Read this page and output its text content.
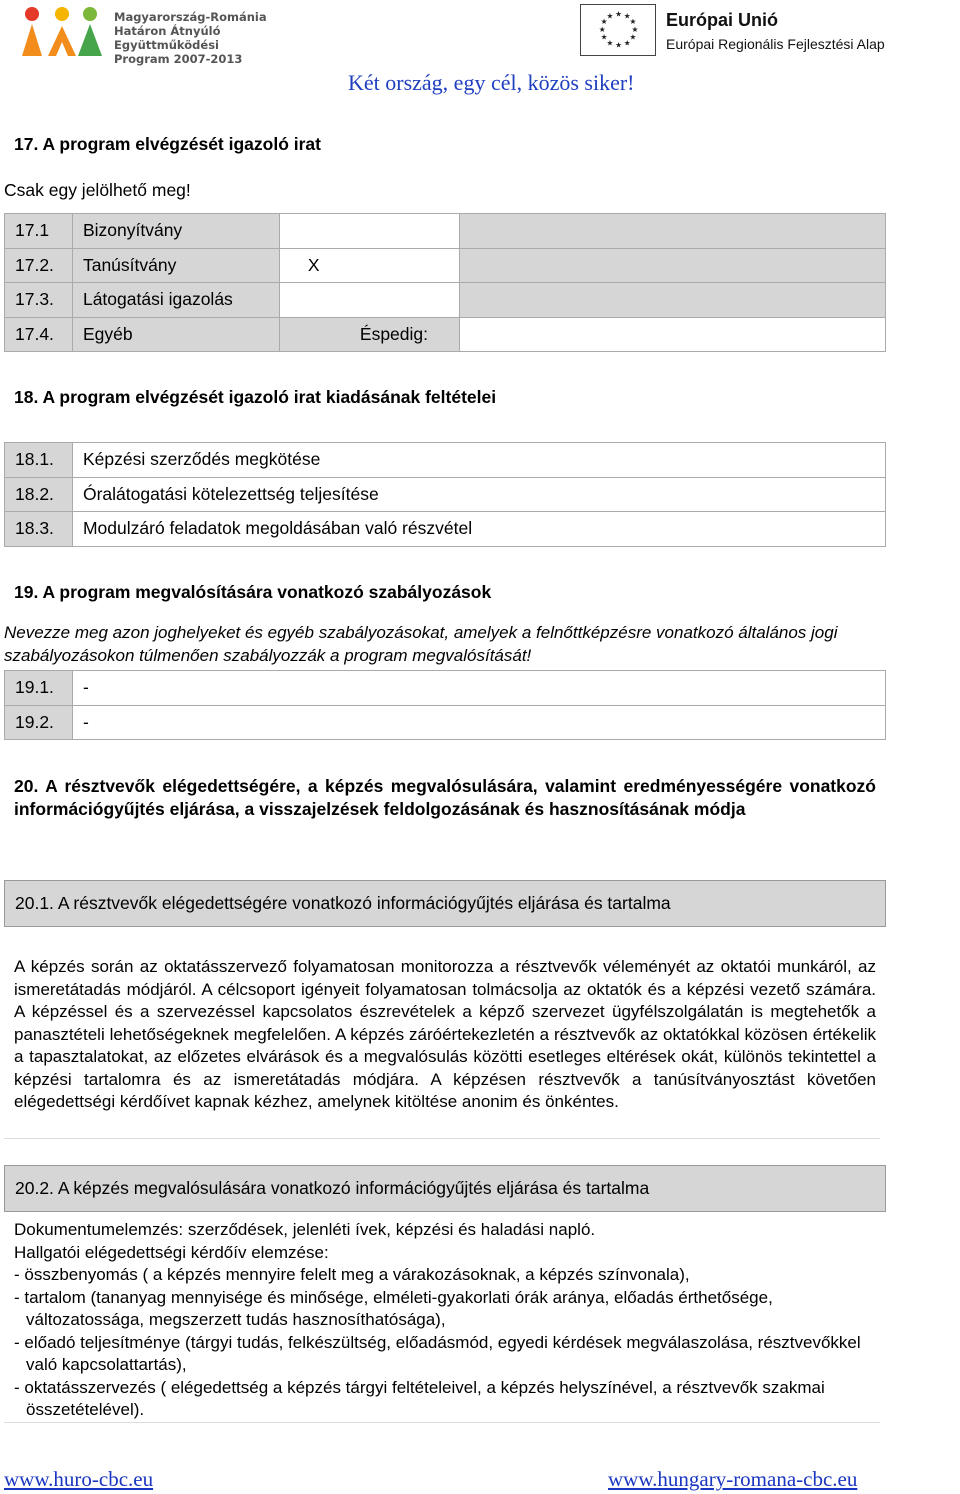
Magyarország-Románia
Határon Átnyúló Együttműködési
Program 2007-2013
★ ★
★
★
★
★
★
★
★
★
★
★	Európai Unió
Európai Regionális Fejlesztési Alap
Két ország, egy cél, közös siker!
17. A program elvégzését igazoló irat
Csak egy jelölhető meg!
17.1	Bizonyítvány		
17.2.	Tanúsítvány	X	
17.3.	Látogatási igazolás		
17.4.	Egyéb	Éspedig:	
18. A program elvégzését igazoló irat kiadásának feltételei
18.1.	Képzési szerződés megkötése
18.2.	Óralátogatási kötelezettség teljesítése
18.3.	Modulzáró feladatok megoldásában való részvétel
19. A program megvalósítására vonatkozó szabályozások
Nevezze meg azon joghelyeket és egyéb szabályozásokat, amelyek a felnőttképzésre vonatkozó általános jogi
szabályozásokon túlmenően szabályozzák a program megvalósítását!
19.1.	-
19.2.	-
20. A résztvevők elégedettségére, a képzés megvalósulására, valamint eredményességére vonatkozó információgyűjtés eljárása, a visszajelzések feldolgozásának és hasznosításának módja
20.1. A résztvevők elégedettségére vonatkozó információgyűjtés eljárása és tartalma
A képzés során az oktatásszervező folyamatosan monitorozza a résztvevők véleményét az oktatói munkáról, az ismeretátadás módjáról. A célcsoport igényeit folyamatosan tolmácsolja az oktatók és a képzési vezető számára. A képzéssel és a szervezéssel kapcsolatos észrevételek a képző szervezet ügyfélszolgálatán is megtehetők a panasztételi lehetőségeknek megfelelően. A képzés záróértekezletén a résztvevők az oktatókkal közösen értékelik a tapasztalatokat, az előzetes elvárások és a megvalósulás közötti esetleges eltérések okát, különös tekintettel a képzési tartalomra és az ismeretátadás módjára. A képzésen résztvevők a tanúsítványosztást követően elégedettségi kérdőívet kapnak kézhez, amelynek kitöltése anonim és önkéntes.
20.2. A képzés megvalósulására vonatkozó információgyűjtés eljárása és tartalma
Dokumentumelemzés: szerződések, jelenléti ívek, képzési és haladási napló.
Hallgatói elégedettségi kérdőív elemzése:
- összbenyomás ( a képzés mennyire felelt meg a várakozásoknak, a képzés színvonala),
- tartalom (tananyag mennyisége és minősége, elméleti-gyakorlati órák aránya, előadás érthetősége, változatossága, megszerzett tudás hasznosíthatósága),
- előadó teljesítménye (tárgyi tudás, felkészültség, előadásmód, egyedi kérdések megválaszolása, résztvevőkkel való kapcsolattartás),
- oktatásszervezés ( elégedettség a képzés tárgyi feltételeivel, a képzés helyszínével, a résztvevők szakmai összetételével).
www.huro-cbc.eu	www.hungary-romana-cbc.eu
